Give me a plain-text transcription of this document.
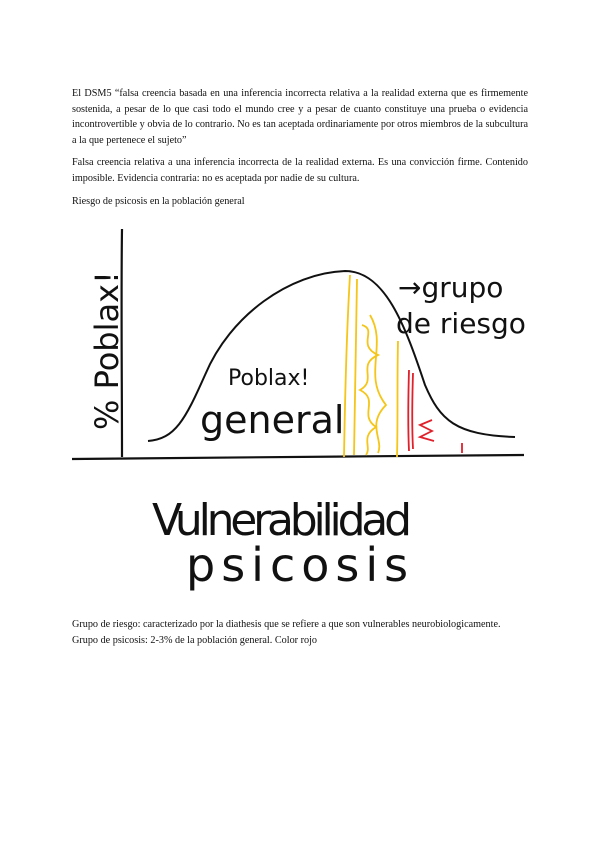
El DSM5 “falsa creencia basada en una inferencia incorrecta relativa a la realidad externa que es firmemente sostenida, a pesar de lo que casi todo el mundo cree y a pesar de cuanto constituye una prueba o evidencia incontrovertible y obvia de lo contrario. No es tan aceptada ordinariamente por otros miembros de la subcultura a la que pertenece el sujeto”
Falsa creencia relativa a una inferencia incorrecta de la realidad externa. Es una convicción firme. Contenido imposible. Evidencia contraria: no es aceptada por nadie de su cultura.
Riesgo de psicosis en la población general
% Poblax!	Poblax!
general
→grupo
de riesgo
Vulnerabilidad
psicosis
Grupo de riesgo: caracterizado por la diathesis que se refiere a que son vulnerables neurobiologicamente.
Grupo de psicosis: 2-3% de la población general. Color rojo
